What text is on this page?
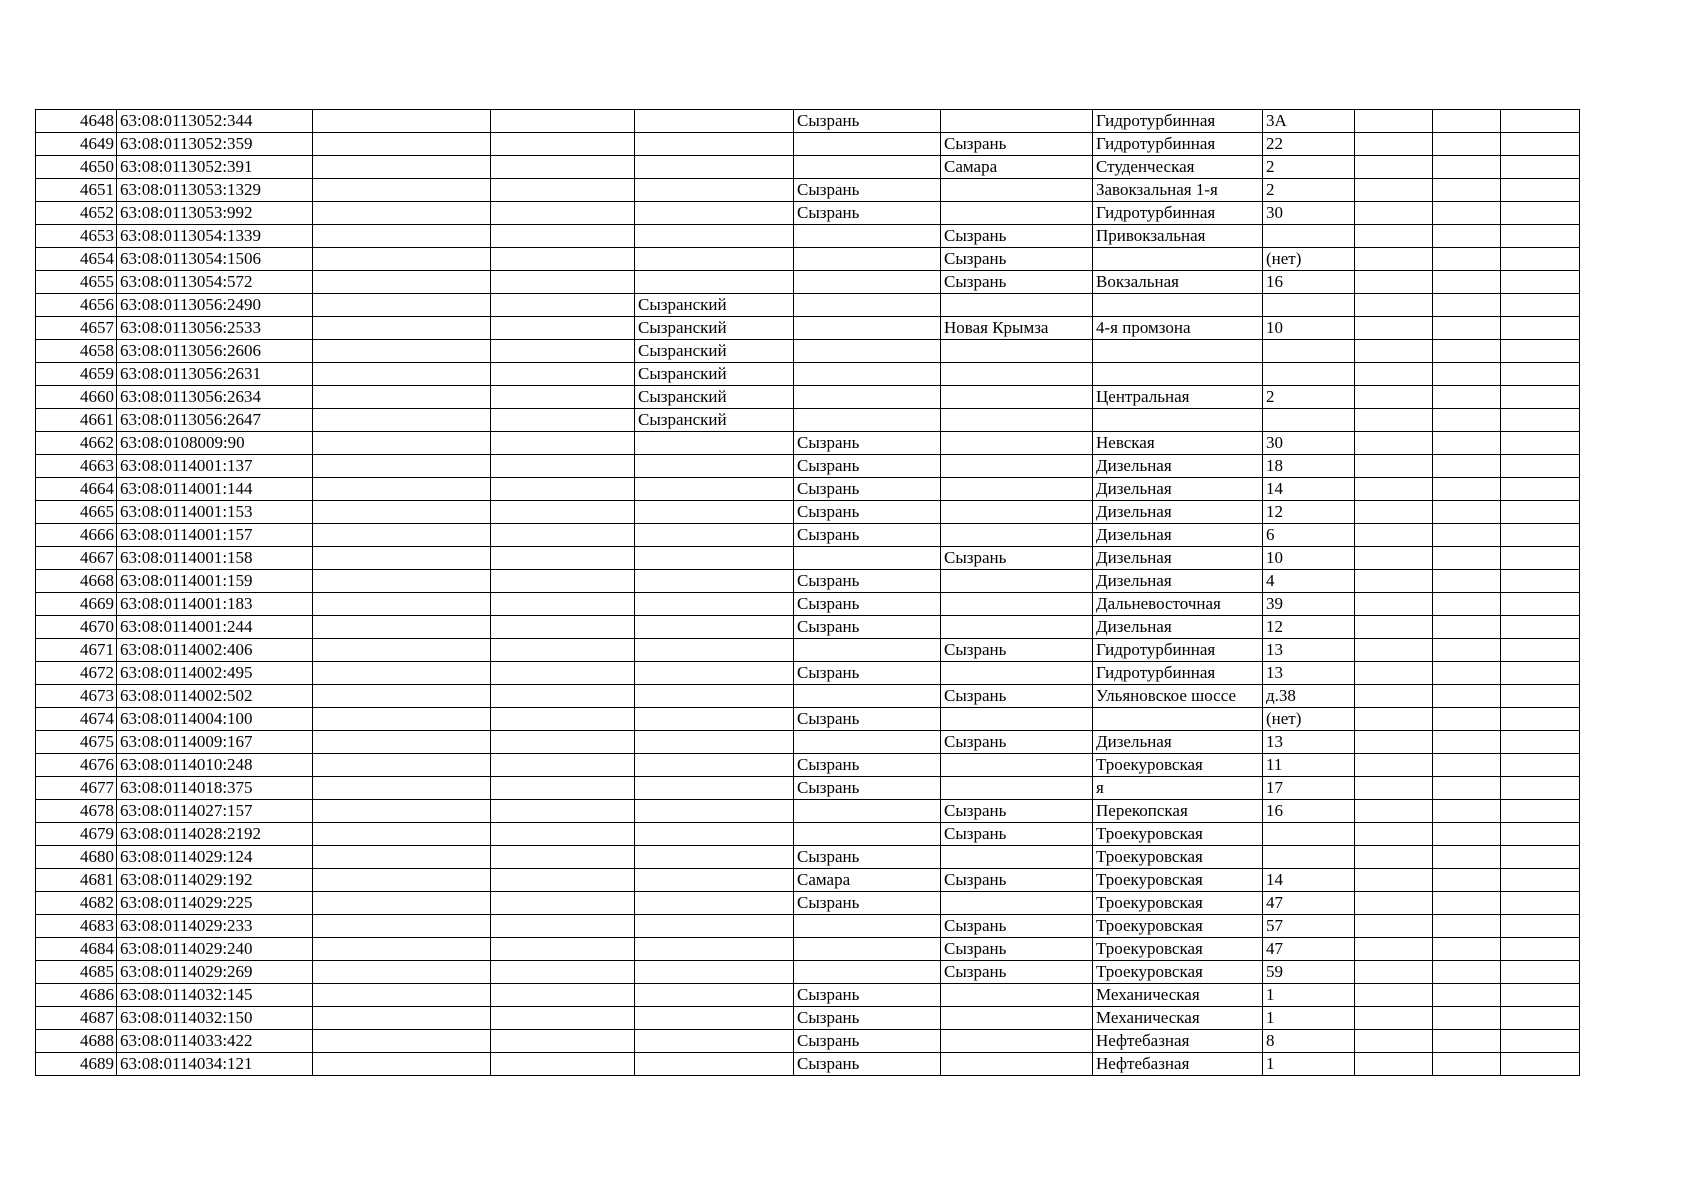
4648	63:08:0113052:344				Сызрань		Гидротурбинная	3А			
4649	63:08:0113052:359					Сызрань	Гидротурбинная	22			
4650	63:08:0113052:391					Самара	Студенческая	2			
4651	63:08:0113053:1329				Сызрань		Завокзальная 1-я	2			
4652	63:08:0113053:992				Сызрань		Гидротурбинная	30			
4653	63:08:0113054:1339					Сызрань	Привокзальная				
4654	63:08:0113054:1506					Сызрань		(нет)			
4655	63:08:0113054:572					Сызрань	Вокзальная	16			
4656	63:08:0113056:2490			Сызранский							
4657	63:08:0113056:2533			Сызранский		Новая Крымза	4-я промзона	10			
4658	63:08:0113056:2606			Сызранский							
4659	63:08:0113056:2631			Сызранский							
4660	63:08:0113056:2634			Сызранский			Центральная	2			
4661	63:08:0113056:2647			Сызранский							
4662	63:08:0108009:90				Сызрань		Невская	30			
4663	63:08:0114001:137				Сызрань		Дизельная	18			
4664	63:08:0114001:144				Сызрань		Дизельная	14			
4665	63:08:0114001:153				Сызрань		Дизельная	12			
4666	63:08:0114001:157				Сызрань		Дизельная	6			
4667	63:08:0114001:158					Сызрань	Дизельная	10			
4668	63:08:0114001:159				Сызрань		Дизельная	4			
4669	63:08:0114001:183				Сызрань		Дальневосточная	39			
4670	63:08:0114001:244				Сызрань		Дизельная	12			
4671	63:08:0114002:406					Сызрань	Гидротурбинная	13			
4672	63:08:0114002:495				Сызрань		Гидротурбинная	13			
4673	63:08:0114002:502					Сызрань	Ульяновское шоссе	д.38			
4674	63:08:0114004:100				Сызрань			(нет)			
4675	63:08:0114009:167					Сызрань	Дизельная	13			
4676	63:08:0114010:248				Сызрань		Троекуровская	11			
4677	63:08:0114018:375				Сызрань		я	17			
4678	63:08:0114027:157					Сызрань	Перекопская	16			
4679	63:08:0114028:2192					Сызрань	Троекуровская				
4680	63:08:0114029:124				Сызрань		Троекуровская				
4681	63:08:0114029:192				Самара	Сызрань	Троекуровская	14			
4682	63:08:0114029:225				Сызрань		Троекуровская	47			
4683	63:08:0114029:233					Сызрань	Троекуровская	57			
4684	63:08:0114029:240					Сызрань	Троекуровская	47			
4685	63:08:0114029:269					Сызрань	Троекуровская	59			
4686	63:08:0114032:145				Сызрань		Механическая	1			
4687	63:08:0114032:150				Сызрань		Механическая	1			
4688	63:08:0114033:422				Сызрань		Нефтебазная	8			
4689	63:08:0114034:121				Сызрань		Нефтебазная	1			
